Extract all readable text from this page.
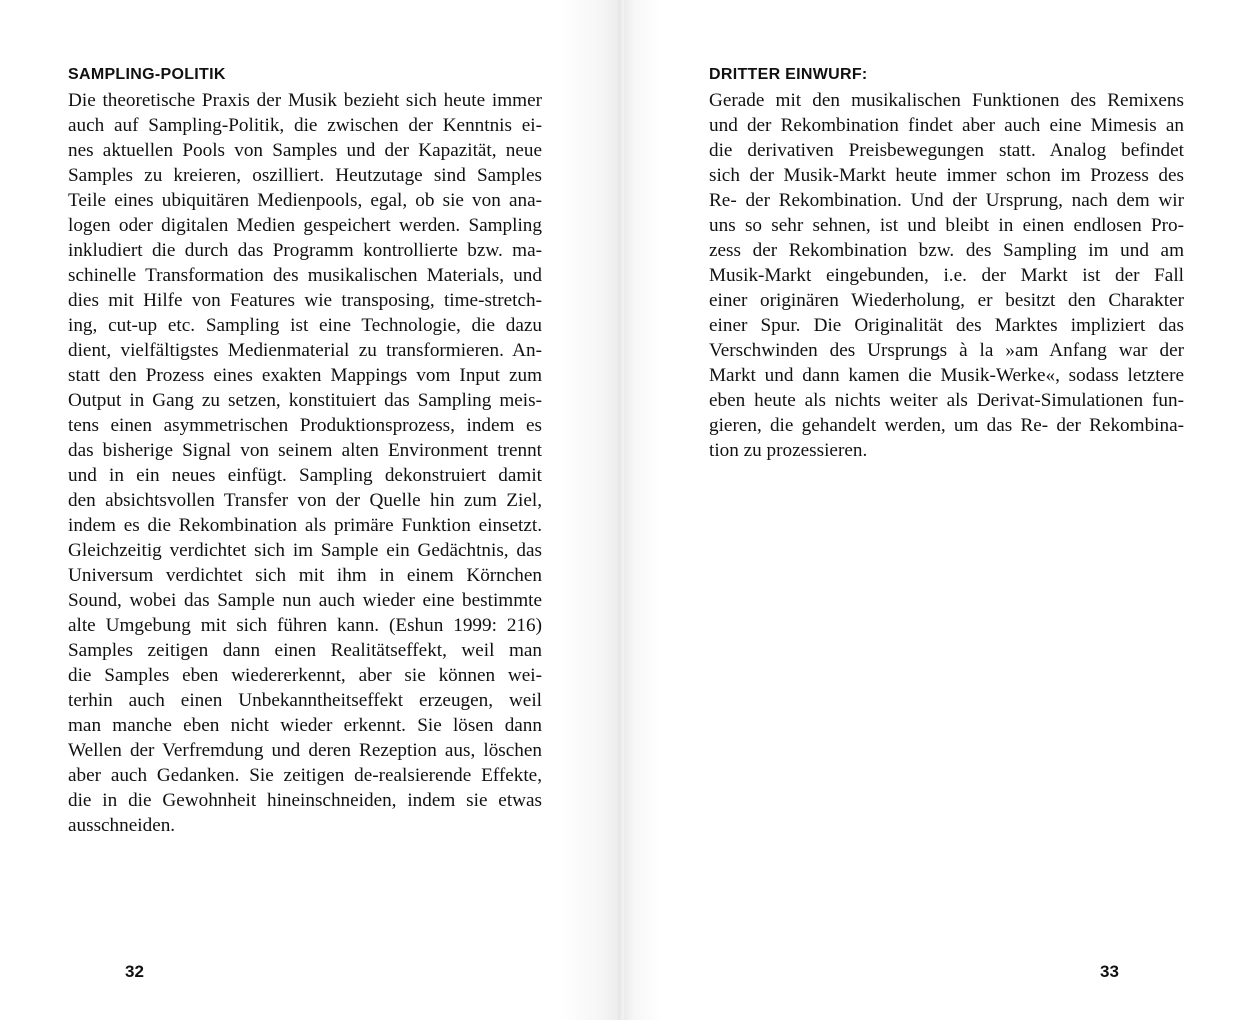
SAMPLING-POLITIK
Die theoretische Praxis der Musik bezieht sich heute immer
auch auf Sampling-Politik, die zwischen der Kenntnis ei-
nes aktuellen Pools von Samples und der Kapazität, neue
Samples zu kreieren, oszilliert. Heutzutage sind Samples
Teile eines ubiquitären Medienpools, egal, ob sie von ana-
logen oder digitalen Medien gespeichert werden. Sampling
inkludiert die durch das Programm kontrollierte bzw. ma-
schinelle Transformation des musikalischen Materials, und
dies mit Hilfe von Features wie transposing, time-stretch-
ing, cut-up etc. Sampling ist eine Technologie, die dazu
dient, vielfältigstes Medienmaterial zu transformieren. An-
statt den Prozess eines exakten Mappings vom Input zum
Output in Gang zu setzen, konstituiert das Sampling meis-
tens einen asymmetrischen Produktionsprozess, indem es
das bisherige Signal von seinem alten Environment trennt
und in ein neues einfügt. Sampling dekonstruiert damit
den absichtsvollen Transfer von der Quelle hin zum Ziel,
indem es die Rekombination als primäre Funktion einsetzt.
Gleichzeitig verdichtet sich im Sample ein Gedächtnis, das
Universum verdichtet sich mit ihm in einem Körnchen
Sound, wobei das Sample nun auch wieder eine bestimmte
alte Umgebung mit sich führen kann. (Eshun 1999: 216)
Samples zeitigen dann einen Realitätseffekt, weil man
die Samples eben wiedererkennt, aber sie können wei-
terhin auch einen Unbekanntheitseffekt erzeugen, weil
man manche eben nicht wieder erkennt. Sie lösen dann
Wellen der Verfremdung und deren Rezeption aus, löschen
aber auch Gedanken. Sie zeitigen de-realsierende Effekte,
die in die Gewohnheit hineinschneiden, indem sie etwas
ausschneiden.
32
DRITTER EINWURF:
Gerade mit den musikalischen Funktionen des Remixens
und der Rekombination findet aber auch eine Mimesis an
die derivativen Preisbewegungen statt. Analog befindet
sich der Musik-Markt heute immer schon im Prozess des
Re- der Rekombination. Und der Ursprung, nach dem wir
uns so sehr sehnen, ist und bleibt in einen endlosen Pro-
zess der Rekombination bzw. des Sampling im und am
Musik-Markt eingebunden, i.e. der Markt ist der Fall
einer originären Wiederholung, er besitzt den Charakter
einer Spur. Die Originalität des Marktes impliziert das
Verschwinden des Ursprungs à la »am Anfang war der
Markt und dann kamen die Musik-Werke«, sodass letztere
eben heute als nichts weiter als Derivat-Simulationen fun-
gieren, die gehandelt werden, um das Re- der Rekombina-
tion zu prozessieren.
33
